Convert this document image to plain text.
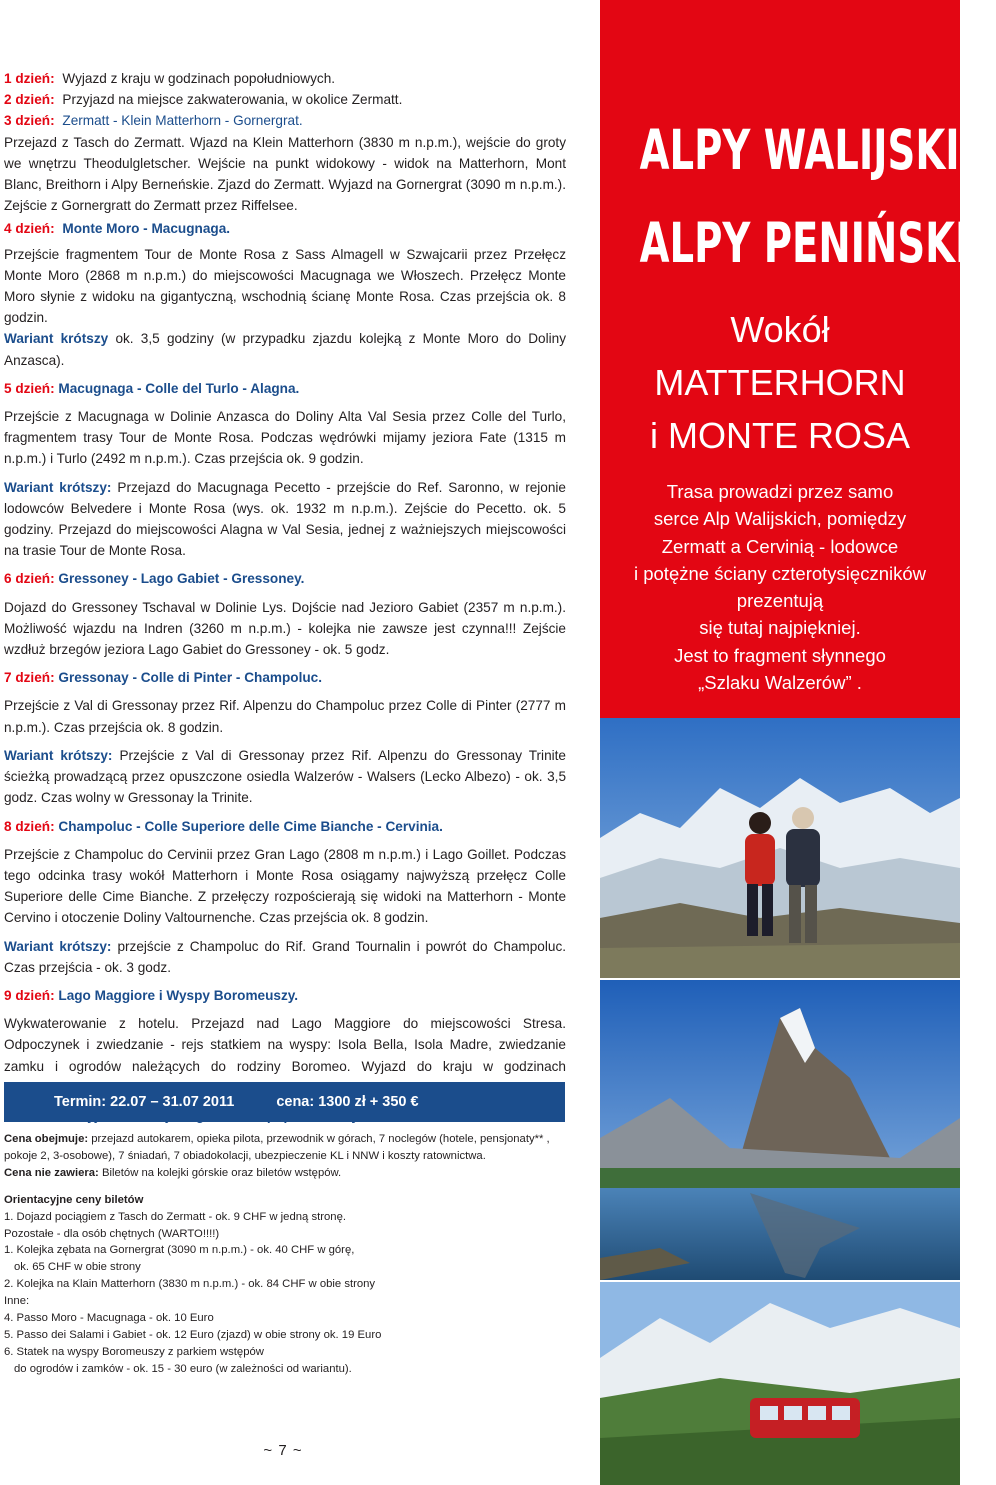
1 dzień: Wyjazd z kraju w godzinach popołudniowych.

2 dzień: Przyjazd na miejsce zakwaterowania, w okolice Zermatt.

3 dzień: Zermatt - Klein Matterhorn - Gornergrat.

Przejazd z Tasch do Zermatt. Wjazd na Klein Matterhorn (3830 m n.p.m.), wejście do groty we wnętrzu Theodulgletscher. Wejście na punkt widokowy - widok na Matterhorn, Mont Blanc, Breithorn i Alpy Berneńskie. Zjazd do Zermatt. Wyjazd na Gornergrat (3090 m n.p.m.). Zejście z Gornergratt do Zermatt przez Riffelsee.

4 dzień: Monte Moro - Macugnaga.

Przejście fragmentem Tour de Monte Rosa z Sass Almagell w Szwajcarii przez Przełęcz Monte Moro (2868 m n.p.m.) do miejscowości Macugnaga we Włoszech. Przełęcz Monte Moro słynie z widoku na gigantyczną, wschodnią ścianę Monte Rosa. Czas przejścia ok. 8 godzin.

Wariant krótszy ok. 3,5 godziny (w przypadku zjazdu kolejką z Monte Moro do Doliny Anzasca).

5 dzień: Macugnaga - Colle del Turlo - Alagna.

Przejście z Macugnaga w Dolinie Anzasca do Doliny Alta Val Sesia przez Colle del Turlo, fragmentem trasy Tour de Monte Rosa. Podczas wędrówki mijamy jeziora Fate (1315 m n.p.m.) i Turlo (2492 m n.p.m.). Czas przejścia ok. 9 godzin.

Wariant krótszy: Przejazd do Macugnaga Pecetto - przejście do Ref. Saronno, w rejonie lodowców Belvedere i Monte Rosa (wys. ok. 1932 m n.p.m.). Zejście do Pecetto. ok. 5 godziny. Przejazd do miejscowości Alagna w Val Sesia, jednej z ważniejszych miejscowości na trasie Tour de Monte Rosa.

6 dzień: Gressoney - Lago Gabiet - Gressoney.

Dojazd do Gressoney Tschaval w Dolinie Lys. Dojście nad Jezioro Gabiet (2357 m n.p.m.). Możliwość wjazdu na Indren (3260 m n.p.m.) - kolejka nie zawsze jest czynna!!! Zejście wzdłuż brzegów jeziora Lago Gabiet do Gressoney - ok. 5 godz.

7 dzień: Gressonay - Colle di Pinter - Champoluc.

Przejście z Val di Gressonay przez Rif. Alpenzu do Champoluc przez Colle di Pinter (2777 m n.p.m.). Czas przejścia ok. 8 godzin.

Wariant krótszy: Przejście z Val di Gressonay przez Rif. Alpenzu do Gressonay Trinite ścieżką prowadzącą przez opuszczone osiedla Walzerów - Walsers (Lecko Albezo) - ok. 3,5 godz. Czas wolny w Gressonay la Trinite.

8 dzień: Champoluc - Colle Superiore delle Cime Bianche - Cervinia.

Przejście z Champoluc do Cervinii przez Gran Lago (2808 m n.p.m.) i Lago Goillet. Podczas tego odcinka trasy wokół Matterhorn i Monte Rosa osiągamy najwyższą przełęcz Colle Superiore delle Cime Bianche. Z przełęczy rozpościerają się widoki na Matterhorn - Monte Cervino i otoczenie Doliny Valtournenche. Czas przejścia ok. 8 godzin.

Wariant krótszy: przejście z Champoluc do Rif. Grand Tournalin i powrót do Champoluc. Czas przejścia - ok. 3 godz.

9 dzień: Lago Maggiore i Wyspy Boromeuszy.

Wykwaterowanie z hotelu. Przejazd nad Lago Maggiore do miejscowości Stresa. Odpoczynek i zwiedzanie - rejs statkiem na wyspy: Isola Bella, Isola Madre, zwiedzanie zamku i ogrodów należących do rodziny Boromeo. Wyjazd do kraju w godzinach

Termin: 22.07 – 31.07 2011	cena: 1300 zł + 350 €
Cena obejmuje: przejazd autokarem, opieka pilota, przewodnik w górach, 7 noclegów (hotele, pensjonaty** , pokoje 2, 3-osobowe), 7 śniadań, 7 obiadokolacji, ubezpieczenie KL i NNW i koszty ratownictwa.
Cena nie zawiera: Biletów na kolejki górskie oraz biletów wstępów.
Orientacyjne ceny biletów
1. Dojazd pociągiem z Tasch do Zermatt - ok. 9 CHF w jedną stronę.
Pozostałe - dla osób chętnych (WARTO!!!!)
1. Kolejka zębata na Gornergrat (3090 m n.p.m.) - ok. 40 CHF w górę,
ok. 65 CHF w obie strony
2. Kolejka na Klain Matterhorn (3830 m n.p.m.) - ok. 84 CHF w obie strony
Inne:
4. Passo Moro - Macugnaga - ok. 10 Euro
5. Passo dei Salami i Gabiet - ok. 12 Euro (zjazd) w obie strony ok. 19 Euro
6. Statek na wyspy Boromeuszy z parkiem wstępów
do ogrodów i zamków - ok. 15 - 30 euro (w zależności od wariantu).
~ 7 ~
ALPY WALIJSKIE
ALPY PENIŃSKIE
Wokół
MATTERHORN
i MONTE ROSA
Trasa prowadzi przez samo
serce Alp Walijskich, pomiędzy
Zermatt a Cervinią - lodowce
i potężne ściany czterotysięczników
prezentują
się tutaj najpiękniej.
Jest to fragment słynnego
„Szlaku Walzerów” .
